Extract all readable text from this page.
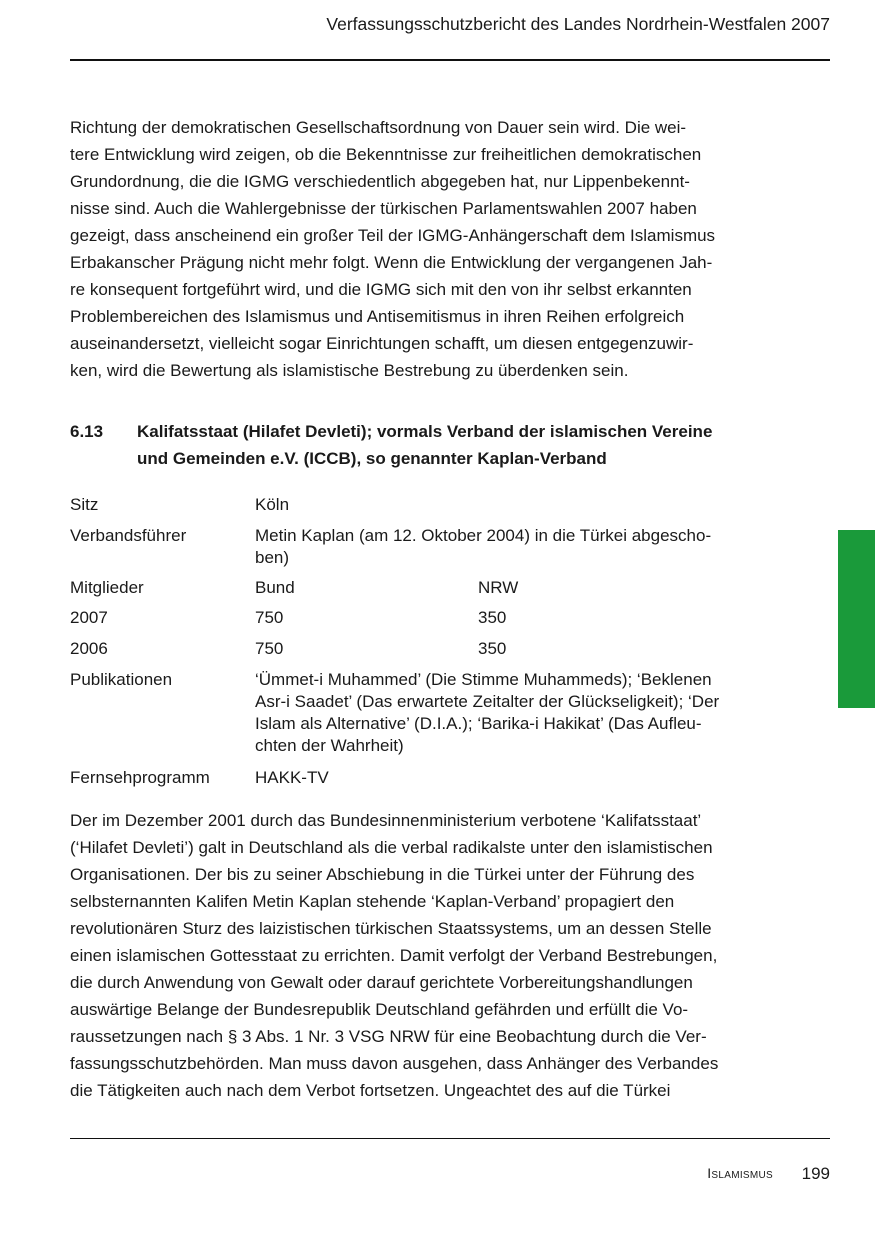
Verfassungsschutzbericht des Landes Nordrhein-Westfalen 2007

Richtung der demokratischen Gesellschaftsordnung von Dauer sein wird. Die wei-
tere Entwicklung wird zeigen, ob die Bekenntnisse zur freiheitlichen demokratischen
Grundordnung, die die IGMG verschiedentlich abgegeben hat, nur Lippenbekennt-
nisse sind. Auch die Wahlergebnisse der türkischen Parlamentswahlen 2007 haben
gezeigt, dass anscheinend ein großer Teil der IGMG-Anhängerschaft dem Islamismus
Erbakanscher Prägung nicht mehr folgt. Wenn die Entwicklung der vergangenen Jah-
re konsequent fortgeführt wird, und die IGMG sich mit den von ihr selbst erkannten
Problembereichen des Islamismus und Antisemitismus in ihren Reihen erfolgreich
auseinandersetzt, vielleicht sogar Einrichtungen schafft, um diesen entgegenzuwir-
ken, wird die Bewertung als islamistische Bestrebung zu überdenken sein.

6.13 Kalifatsstaat (Hilafet Devleti); vormals Verband der islamischen Vereine
und Gemeinden e.V. (ICCB), so genannter Kaplan-Verband
Sitz	Köln
Verbandsführer	Metin Kaplan (am 12. Oktober 2004) in die Türkei abgescho-
ben)
Mitglieder	Bund	NRW
2007	750	350
2006	750	350
Publikationen	‘Ümmet-i Muhammed’ (Die Stimme Muhammeds); ‘Beklenen
Asr-i Saadet’ (Das erwartete Zeitalter der Glückseligkeit); ‘Der
Islam als Alternative’ (D.I.A.); ‘Barika-i Hakikat’ (Das Aufleu-
chten der Wahrheit)
Fernsehprogramm	HAKK-TV

Der im Dezember 2001 durch das Bundesinnenministerium verbotene ‘Kalifatsstaat’
(‘Hilafet Devleti’) galt in Deutschland als die verbal radikalste unter den islamistischen
Organisationen. Der bis zu seiner Abschiebung in die Türkei unter der Führung des
selbsternannten Kalifen Metin Kaplan stehende ‘Kaplan-Verband’ propagiert den
revolutionären Sturz des laizistischen türkischen Staatssystems, um an dessen Stelle
einen islamischen Gottesstaat zu errichten. Damit verfolgt der Verband Bestrebungen,
die durch Anwendung von Gewalt oder darauf gerichtete Vorbereitungshandlungen
auswärtige Belange der Bundesrepublik Deutschland gefährden und erfüllt die Vo-
raussetzungen nach § 3 Abs. 1 Nr. 3 VSG NRW für eine Beobachtung durch die Ver-
fassungsschutzbehörden. Man muss davon ausgehen, dass Anhänger des Verbandes
die Tätigkeiten auch nach dem Verbot fortsetzen. Ungeachtet des auf die Türkei

Islamismus 199
